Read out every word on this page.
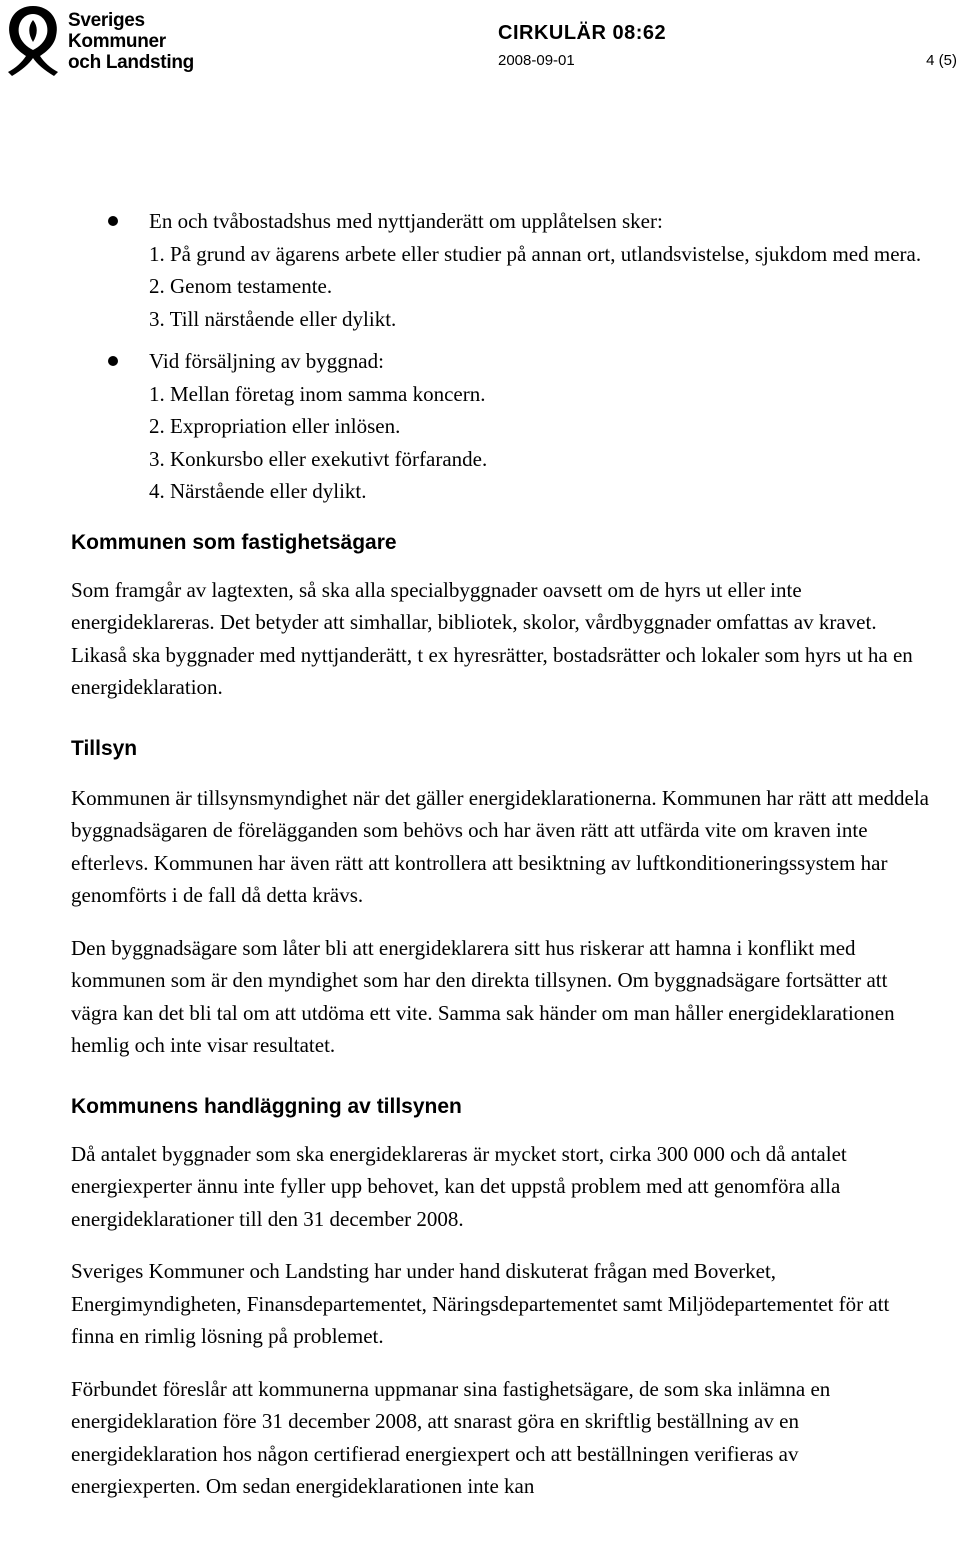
Sveriges
Kommuner
och Landsting
CIRKULÄR 08:62
2008-09-01	4 (5)
En och tvåbostadshus med nyttjanderätt om upplåtelsen sker:
1. På grund av ägarens arbete eller studier på annan ort, utlandsvistelse, sjukdom med mera.
2. Genom testamente.
3. Till närstående eller dylikt.
Vid försäljning av byggnad:
1. Mellan företag inom samma koncern.
2. Expropriation eller inlösen.
3. Konkursbo eller exekutivt förfarande.
4. Närstående eller dylikt.
Kommunen som fastighetsägare

Som framgår av lagtexten, så ska alla specialbyggnader oavsett om de hyrs ut eller inte energideklareras. Det betyder att simhallar, bibliotek, skolor, vårdbyggnader omfattas av kravet. Likaså ska byggnader med nyttjanderätt, t ex hyresrätter, bostadsrätter och lokaler som hyrs ut ha en energideklaration.

Tillsyn

Kommunen är tillsynsmyndighet när det gäller energideklarationerna. Kommunen har rätt att meddela byggnadsägaren de förelägganden som behövs och har även rätt att utfärda vite om kraven inte efterlevs. Kommunen har även rätt att kontrollera att besiktning av luftkonditioneringssystem har genomförts i de fall då detta krävs.

Den byggnadsägare som låter bli att energideklarera sitt hus riskerar att hamna i konflikt med kommunen som är den myndighet som har den direkta tillsynen. Om byggnadsägare fortsätter att vägra kan det bli tal om att utdöma ett vite. Samma sak händer om man håller energideklarationen hemlig och inte visar resultatet.

Kommunens handläggning av tillsynen

Då antalet byggnader som ska energideklareras är mycket stort, cirka 300 000 och då antalet energiexperter ännu inte fyller upp behovet, kan det uppstå problem med att genomföra alla energideklarationer till den 31 december 2008.

Sveriges Kommuner och Landsting har under hand diskuterat frågan med Boverket, Energimyndigheten, Finansdepartementet, Näringsdepartementet samt Miljödepartementet för att finna en rimlig lösning på problemet.

Förbundet föreslår att kommunerna uppmanar sina fastighetsägare, de som ska inlämna en energideklaration före 31 december 2008, att snarast göra en skriftlig beställning av en energideklaration hos någon certifierad energiexpert och att beställningen verifieras av energiexperten. Om sedan energideklarationen inte kan
